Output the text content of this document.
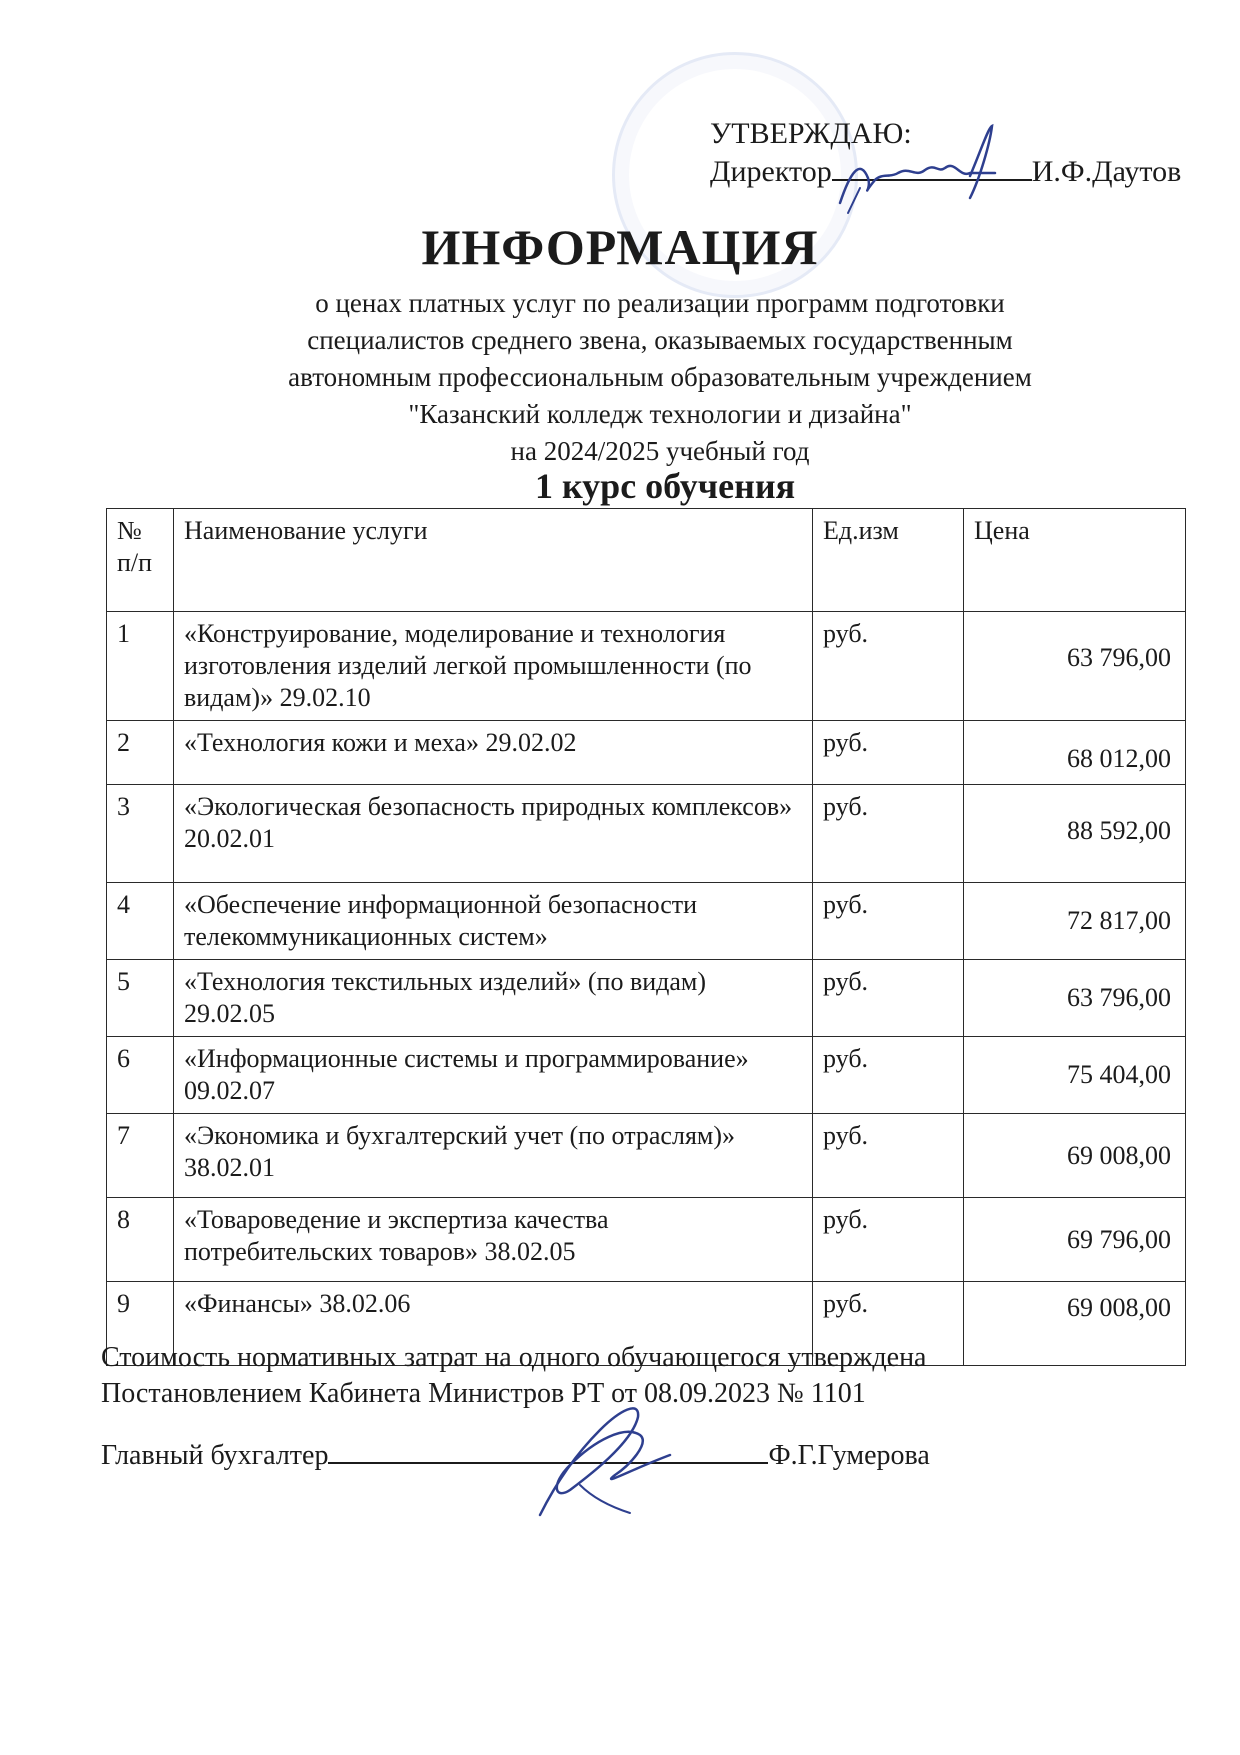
УТВЕРЖДАЮ:
Директор	И.Ф.Даутов
ИНФОРМАЦИЯ
о ценах платных услуг по реализации программ подготовки
специалистов среднего звена, оказываемых государственным
автономным профессиональным образовательным учреждением
"Казанский колледж технологии и дизайна"
на 2024/2025 учебный год
1 курс обучения
№ п/п	Наименование услуги	Ед.изм	Цена
1	«Конструирование, моделирование и технология изготовления изделий легкой промышленности (по видам)» 29.02.10	руб.	63 796,00
2	«Технология кожи и меха» 29.02.02	руб.	68 012,00
3	«Экологическая безопасность природных комплексов» 20.02.01	руб.	88 592,00
4	«Обеспечение информационной безопасности телекоммуникационных систем»	руб.	72 817,00
5	«Технология текстильных изделий» (по видам) 29.02.05	руб.	63 796,00
6	«Информационные системы и программирование» 09.02.07	руб.	75 404,00
7	«Экономика и бухгалтерский учет (по отраслям)» 38.02.01	руб.	69 008,00
8	«Товароведение и экспертиза качества потребительских товаров» 38.02.05	руб.	69 796,00
9	«Финансы» 38.02.06	руб.	69 008,00
Стоимость нормативных затрат на одного обучающегося утверждена
Постановлением Кабинета Министров РТ от 08.09.2023 № 1101
Главный бухгалтер	Ф.Г.Гумерова
